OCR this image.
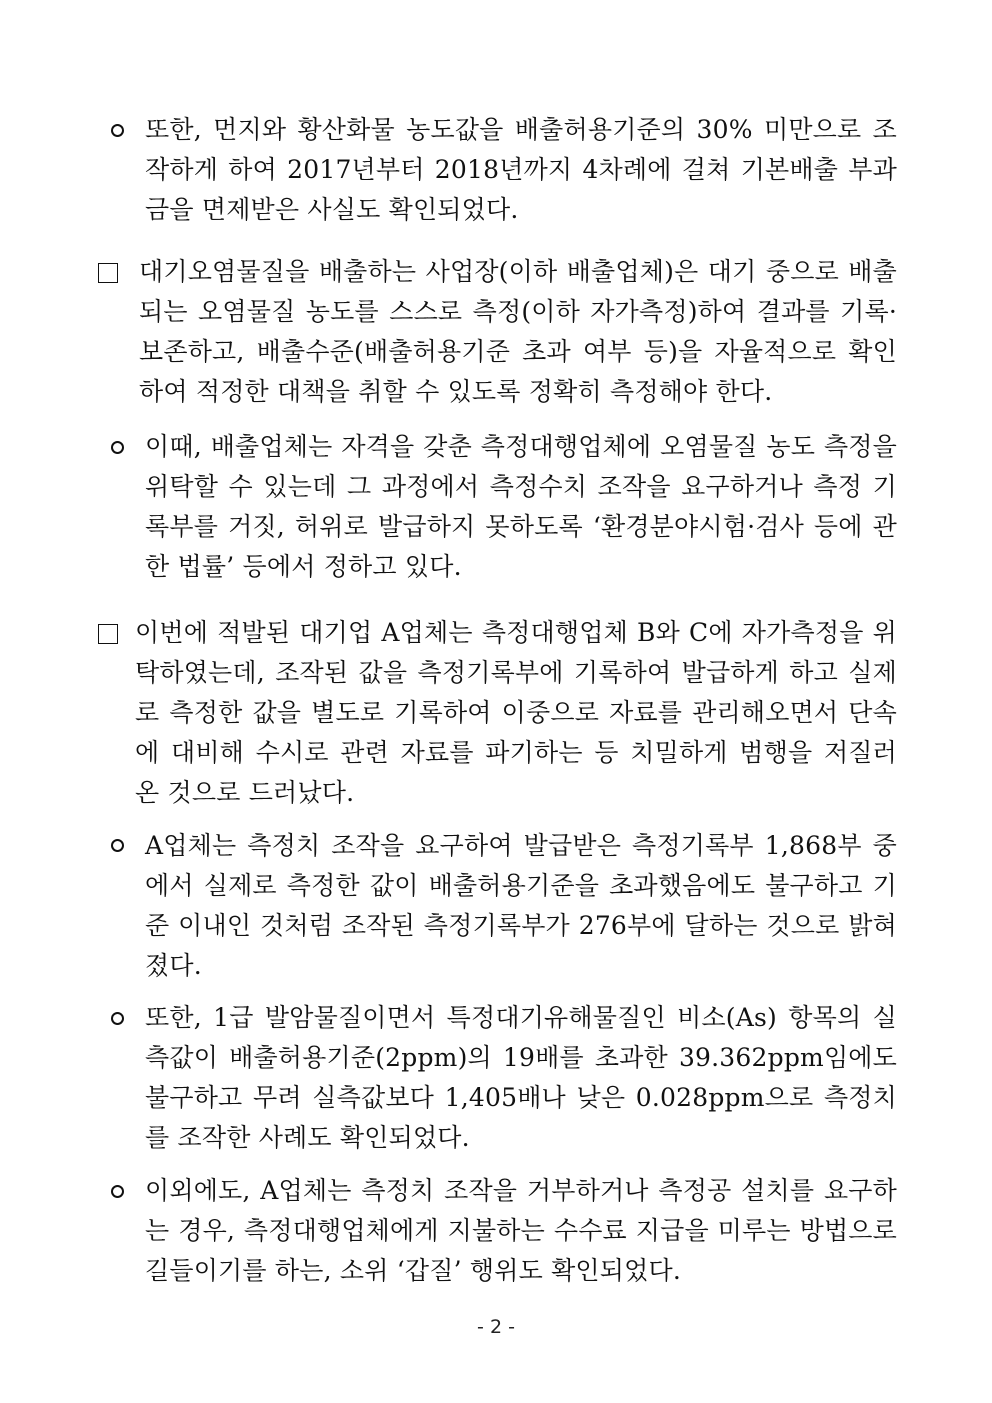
또한, 먼지와 황산화물 농도값을 배출허용기준의 30% 미만으로 조작하게 하여 2017년부터 2018년까지 4차례에 걸쳐 기본배출 부과금을 면제받은 사실도 확인되었다.
대기오염물질을 배출하는 사업장(이하 배출업체)은 대기 중으로 배출되는 오염물질 농도를 스스로 측정(이하 자가측정)하여 결과를 기록·보존하고, 배출수준(배출허용기준 초과 여부 등)을 자율적으로 확인하여 적정한 대책을 취할 수 있도록 정확히 측정해야 한다.
이때, 배출업체는 자격을 갖춘 측정대행업체에 오염물질 농도 측정을 위탁할 수 있는데 그 과정에서 측정수치 조작을 요구하거나 측정 기록부를 거짓, 허위로 발급하지 못하도록 ‘환경분야시험·검사 등에 관한 법률’ 등에서 정하고 있다.
이번에 적발된 대기업 A업체는 측정대행업체 B와 C에 자가측정을 위탁하였는데, 조작된 값을 측정기록부에 기록하여 발급하게 하고 실제로 측정한 값을 별도로 기록하여 이중으로 자료를 관리해오면서 단속에 대비해 수시로 관련 자료를 파기하는 등 치밀하게 범행을 저질러 온 것으로 드러났다.
A업체는 측정치 조작을 요구하여 발급받은 측정기록부 1,868부 중에서 실제로 측정한 값이 배출허용기준을 초과했음에도 불구하고 기준 이내인 것처럼 조작된 측정기록부가 276부에 달하는 것으로 밝혀졌다.
또한, 1급 발암물질이면서 특정대기유해물질인 비소(As) 항목의 실측값이 배출허용기준(2ppm)의 19배를 초과한 39.362ppm임에도 불구하고 무려 실측값보다 1,405배나 낮은 0.028ppm으로 측정치를 조작한 사례도 확인되었다.
이외에도, A업체는 측정치 조작을 거부하거나 측정공 설치를 요구하는 경우, 측정대행업체에게 지불하는 수수료 지급을 미루는 방법으로 길들이기를 하는, 소위 ‘갑질’ 행위도 확인되었다.
- 2 -
